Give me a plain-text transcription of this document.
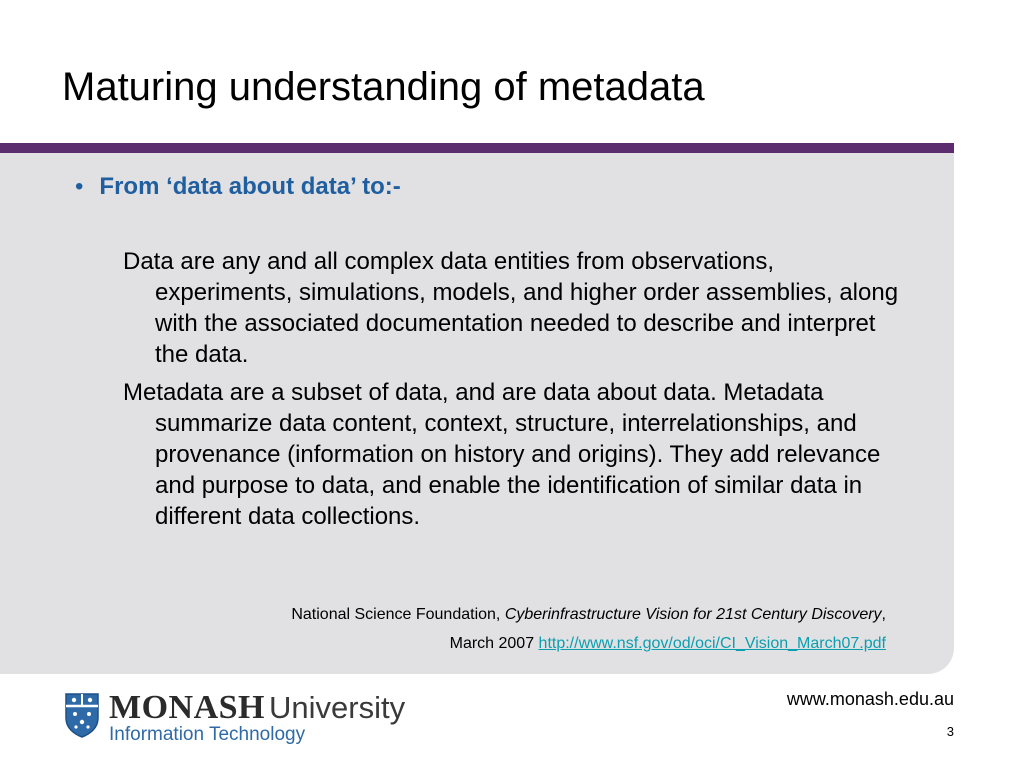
Maturing understanding of metadata

• From ‘data about data’ to:-

Data are any and all complex data entities from observations, experiments, simulations, models, and higher order assemblies, along with the associated documentation needed to describe and interpret the data.

Metadata are a subset of data, and are data about data. Metadata summarize data content, context, structure, interrelationships, and provenance (information on history and origins). They add relevance and purpose to data, and enable the identification of similar data in different data collections.

National Science Foundation, Cyberinfrastructure Vision for 21st Century Discovery,
March 2007 http://www.nsf.gov/od/oci/CI_Vision_March07.pdf

MONASH University
Information Technology

www.monash.edu.au

3
